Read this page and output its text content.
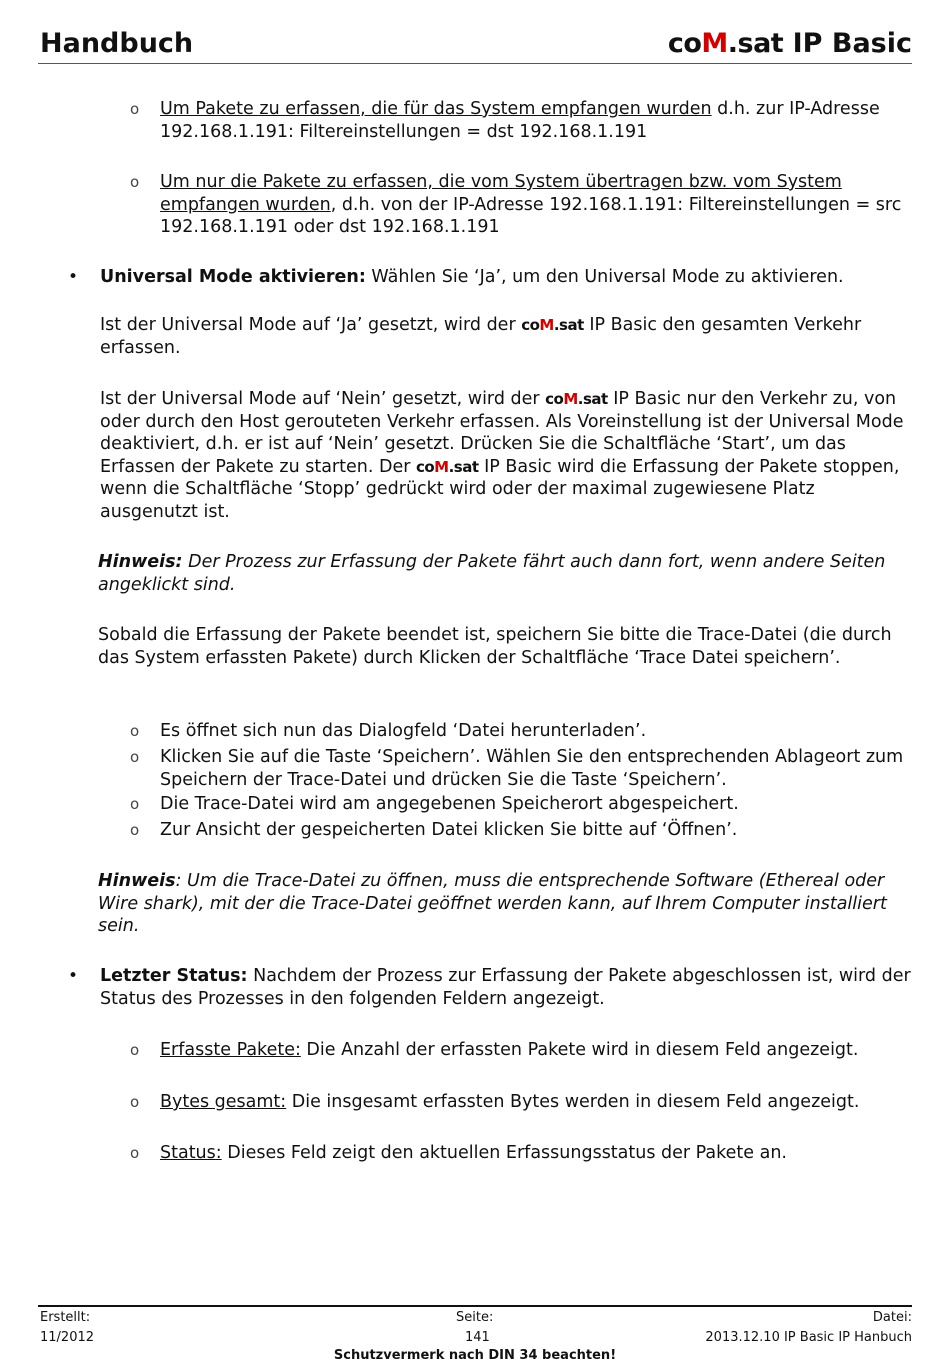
Handbuch	coM.sat IP Basic
o Um Pakete zu erfassen, die für das System empfangen wurden d.h. zur IP-Adresse 192.168.1.191: Filtereinstellungen = dst 192.168.1.191
o Um nur die Pakete zu erfassen, die vom System übertragen bzw. vom System empfangen wurden, d.h. von der IP-Adresse 192.168.1.191: Filtereinstellungen = src 192.168.1.191 oder dst 192.168.1.191
• Universal Mode aktivieren: Wählen Sie ‘Ja’, um den Universal Mode zu aktivieren.
Ist der Universal Mode auf ‘Ja’ gesetzt, wird der coM.sat IP Basic den gesamten Verkehr erfassen.
Ist der Universal Mode auf ‘Nein’ gesetzt, wird der coM.sat IP Basic nur den Verkehr zu, von oder durch den Host gerouteten Verkehr erfassen. Als Voreinstellung ist der Universal Mode deaktiviert, d.h. er ist auf ‘Nein’ gesetzt. Drücken Sie die Schaltfläche ‘Start’, um das Erfassen der Pakete zu starten. Der coM.sat IP Basic wird die Erfassung der Pakete stoppen, wenn die Schaltfläche ‘Stopp’ gedrückt wird oder der maximal zugewiesene Platz ausgenutzt ist.
Hinweis: Der Prozess zur Erfassung der Pakete fährt auch dann fort, wenn andere Seiten angeklickt sind.
Sobald die Erfassung der Pakete beendet ist, speichern Sie bitte die Trace-Datei (die durch das System erfassten Pakete) durch Klicken der Schaltfläche ‘Trace Datei speichern’.
o Es öffnet sich nun das Dialogfeld ‘Datei herunterladen’.
o Klicken Sie auf die Taste ‘Speichern’. Wählen Sie den entsprechenden Ablageort zum Speichern der Trace-Datei und drücken Sie die Taste ‘Speichern’.
o Die Trace-Datei wird am angegebenen Speicherort abgespeichert.
o Zur Ansicht der gespeicherten Datei klicken Sie bitte auf ‘Öffnen’.
Hinweis: Um die Trace-Datei zu öffnen, muss die entsprechende Software (Ethereal oder Wire shark), mit der die Trace-Datei geöffnet werden kann, auf Ihrem Computer installiert sein.
• Letzter Status: Nachdem der Prozess zur Erfassung der Pakete abgeschlossen ist, wird der Status des Prozesses in den folgenden Feldern angezeigt.
o Erfasste Pakete: Die Anzahl der erfassten Pakete wird in diesem Feld angezeigt.
o Bytes gesamt: Die insgesamt erfassten Bytes werden in diesem Feld angezeigt.
o Status: Dieses Feld zeigt den aktuellen Erfassungsstatus der Pakete an.
Erstellt:
11/2012
Seite:
141
Datei:
2013.12.10 IP Basic IP Hanbuch
Schutzvermerk nach DIN 34 beachten!
